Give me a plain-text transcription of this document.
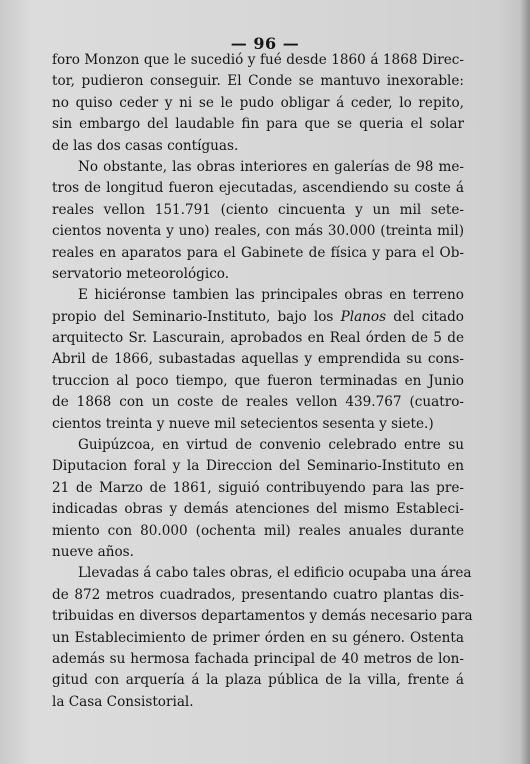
— 96 —
foro Monzon que le sucedió y fué desde 1860 á 1868 Direc-
tor, pudieron conseguir. El Conde se mantuvo inexorable:
no quiso ceder y ni se le pudo obligar á ceder, lo repito,
sin embargo del laudable fin para que se queria el solar
de las dos casas contíguas.
No obstante, las obras interiores en galerías de 98 me-
tros de longitud fueron ejecutadas, ascendiendo su coste á
reales vellon 151.791 (ciento cincuenta y un mil sete-
cientos noventa y uno) reales, con más 30.000 (treinta mil)
reales en aparatos para el Gabinete de física y para el Ob-
servatorio meteorológico.
E hiciéronse tambien las principales obras en terreno
propio del Seminario-Instituto, bajo los Planos del citado
arquitecto Sr. Lascurain, aprobados en Real órden de 5 de
Abril de 1866, subastadas aquellas y emprendida su cons-
truccion al poco tiempo, que fueron terminadas en Junio
de 1868 con un coste de reales vellon 439.767 (cuatro-
cientos treinta y nueve mil setecientos sesenta y siete.)
Guipúzcoa, en virtud de convenio celebrado entre su
Diputacion foral y la Direccion del Seminario-Instituto en
21 de Marzo de 1861, siguió contribuyendo para las pre-
indicadas obras y demás atenciones del mismo Estableci-
miento con 80.000 (ochenta mil) reales anuales durante
nueve años.
Llevadas á cabo tales obras, el edificio ocupaba una área
de 872 metros cuadrados, presentando cuatro plantas dis-
tribuidas en diversos departamentos y demás necesario para
un Establecimiento de primer órden en su género. Ostenta
además su hermosa fachada principal de 40 metros de lon-
gitud con arquería á la plaza pública de la villa, frente á
la Casa Consistorial.
